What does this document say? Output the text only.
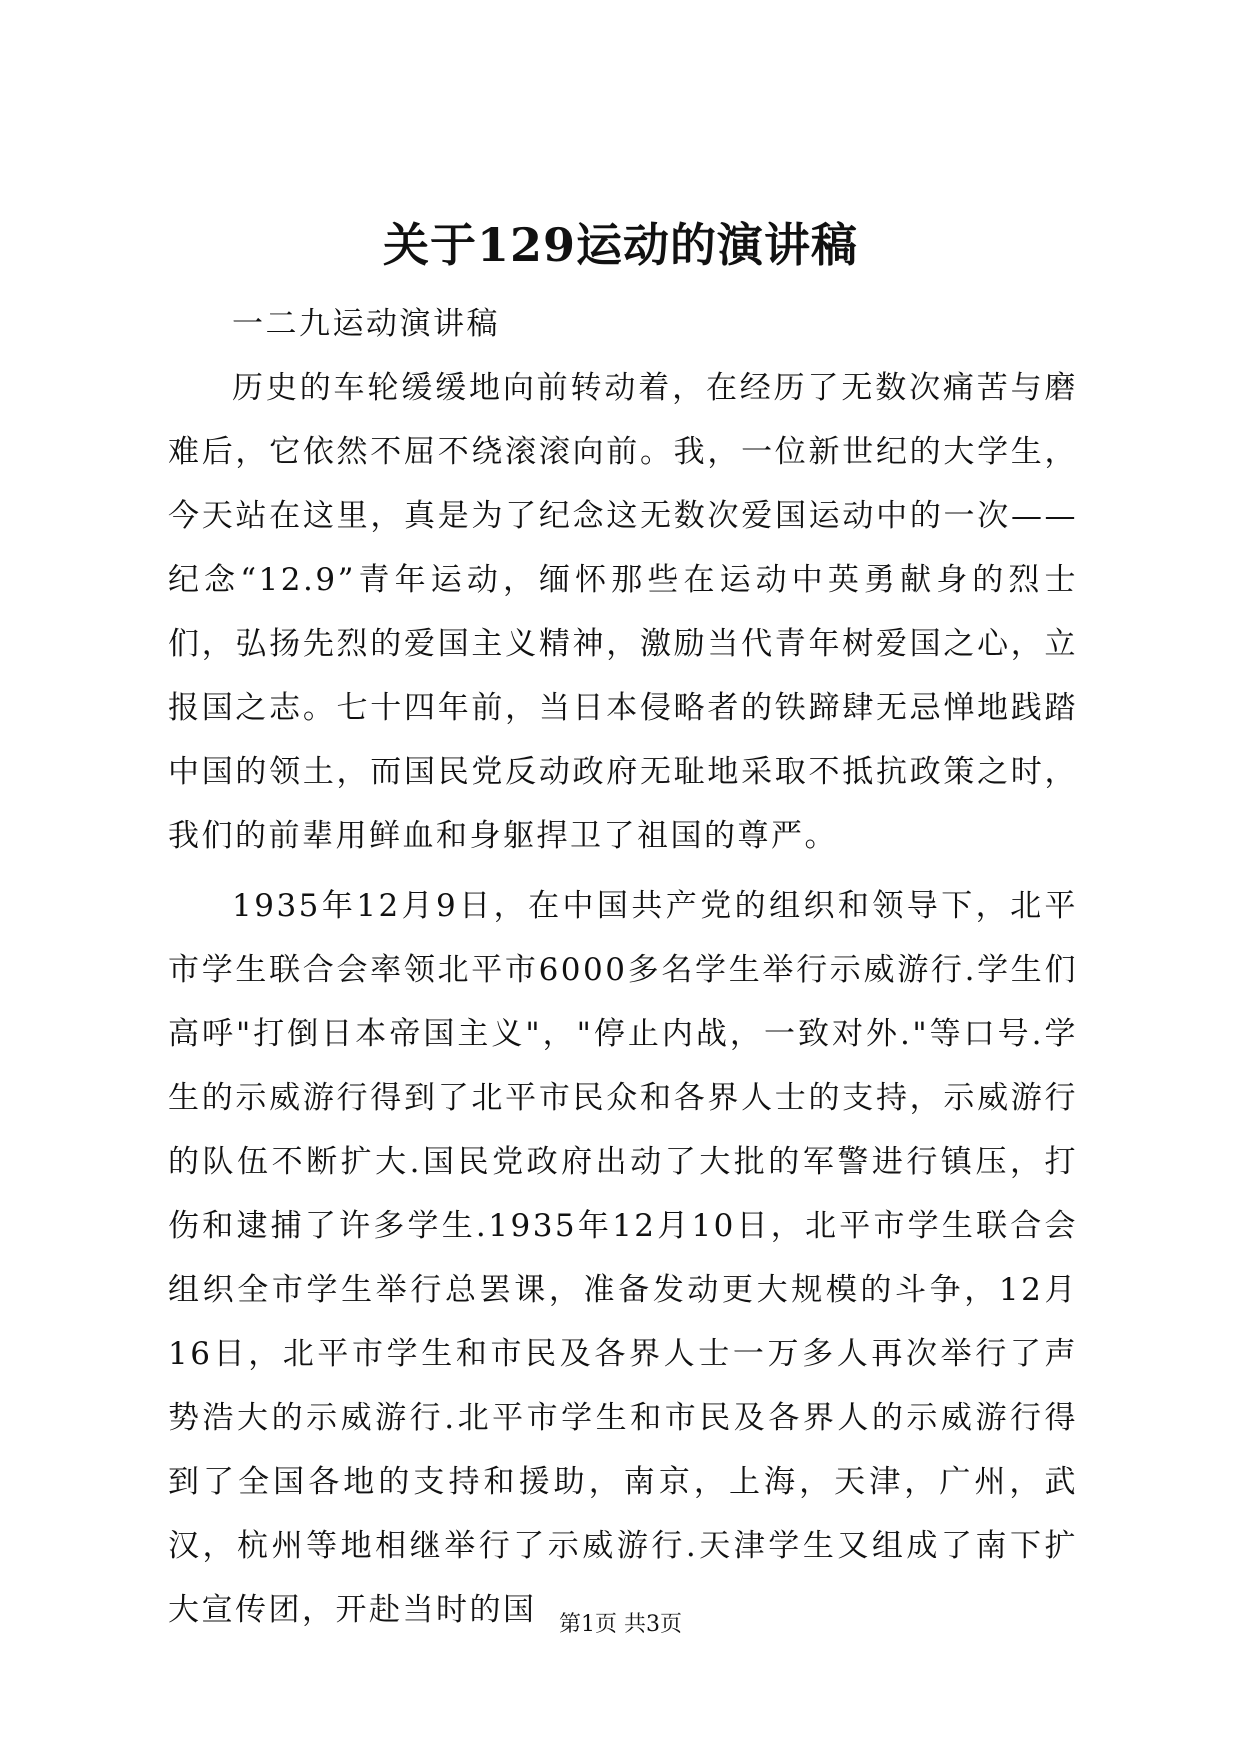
关于129运动的演讲稿

一二九运动演讲稿

历史的车轮缓缓地向前转动着，在经历了无数次痛苦与磨难后，它依然不屈不绕滚滚向前。我，一位新世纪的大学生，今天站在这里，真是为了纪念这无数次爱国运动中的一次——纪念“12.9”青年运动，缅怀那些在运动中英勇献身的烈士们，弘扬先烈的爱国主义精神，激励当代青年树爱国之心，立报国之志。七十四年前，当日本侵略者的铁蹄肆无忌惮地践踏中国的领土，而国民党反动政府无耻地采取不抵抗政策之时，我们的前辈用鲜血和身躯捍卫了祖国的尊严。

1935年12月9日，在中国共产党的组织和领导下，北平市学生联合会率领北平市6000多名学生举行示威游行.学生们高呼"打倒日本帝国主义"，"停止内战，一致对外."等口号.学生的示威游行得到了北平市民众和各界人士的支持，示威游行的队伍不断扩大.国民党政府出动了大批的军警进行镇压，打伤和逮捕了许多学生.1935年12月10日，北平市学生联合会组织全市学生举行总罢课，准备发动更大规模的斗争，12月16日，北平市学生和市民及各界人士一万多人再次举行了声势浩大的示威游行.北平市学生和市民及各界人的示威游行得到了全国各地的支持和援助，南京，上海，天津，广州，武汉，杭州等地相继举行了示威游行.天津学生又组成了南下扩大宣传团，开赴当时的国	第1页 共3页
